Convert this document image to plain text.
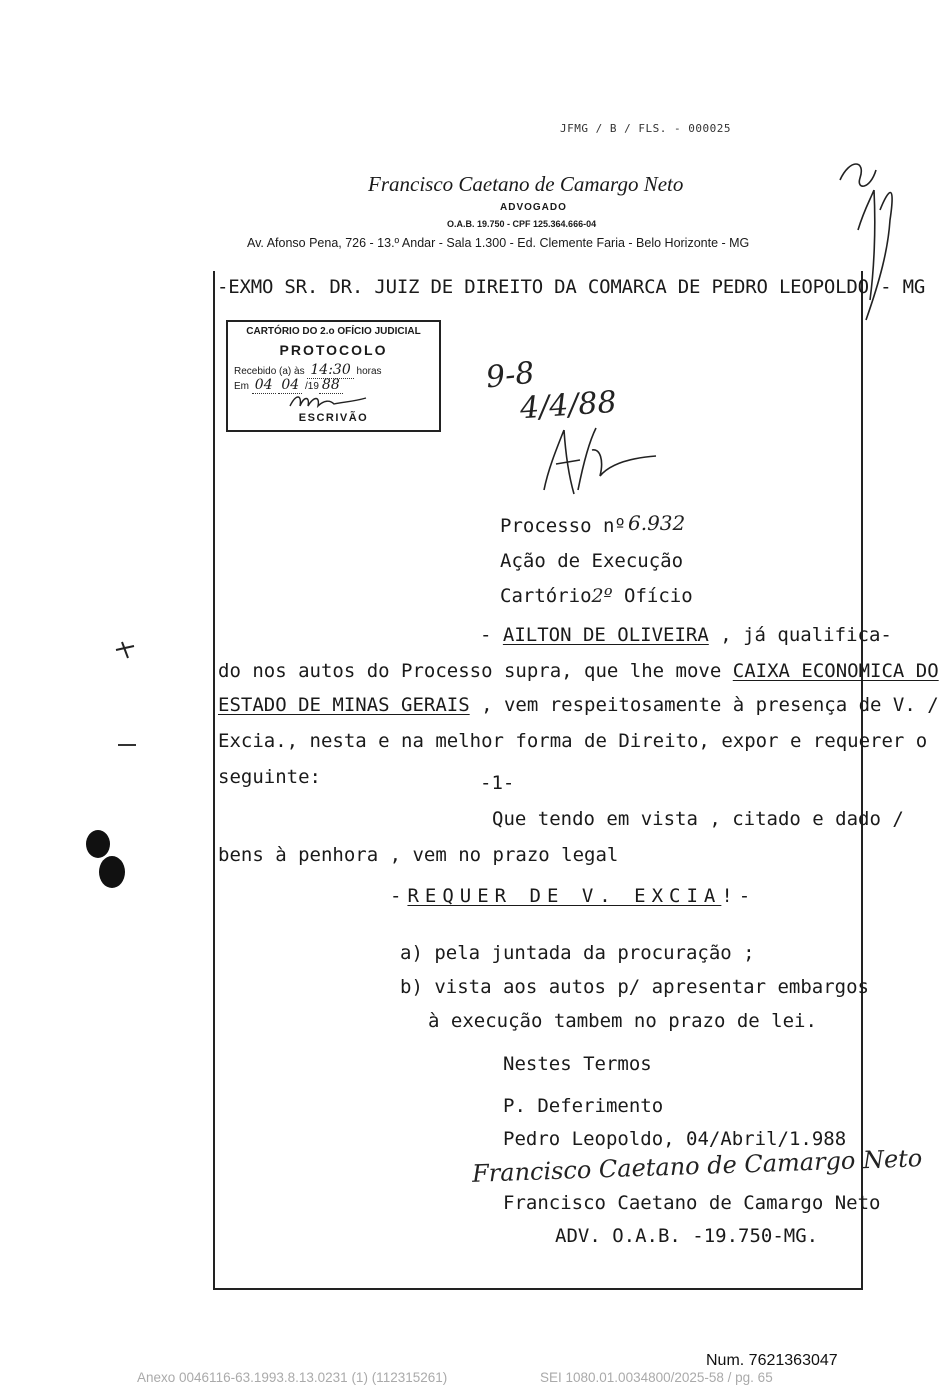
JFMG / B / FLS. - 000025
Francisco Caetano de Camargo Neto
ADVOGADO
O.A.B. 19.750 - CPF 125.364.666-04
Av. Afonso Pena, 726 - 13.º Andar - Sala 1.300 - Ed. Clemente Faria - Belo Horizonte - MG
-EXMO SR. DR. JUIZ DE DIREITO DA COMARCA DE PEDRO LEOPOLDO - MG
CARTÓRIO DO 2.o OFÍCIO JUDICIAL
PROTOCOLO
Recebido (a) às 14:30 horas
Em 04 04 /19 88
ESCRIVÃO
9-8
4/4/88
Processo nº 6.932
Ação de Execução
Cartório2º Ofício
- AILTON DE OLIVEIRA , já qualifica-
do nos autos do Processo supra, que lhe move CAIXA ECONOMICA DO
ESTADO DE MINAS GERAIS , vem respeitosamente à presença de V. /
Excia., nesta e na melhor forma de Direito, expor e requerer o
seguinte:	-1-
Que tendo em vista , citado e dado /
bens à penhora , vem no prazo legal
-REQUER DE V. EXCIA!-
a) pela juntada da procuração ;
b) vista aos autos p/ apresentar embargos
à execução tambem no prazo de lei.
Nestes Termos
P. Deferimento
Pedro Leopoldo, 04/Abril/1.988
Francisco Caetano de Camargo Neto
Francisco Caetano de Camargo Neto
ADV. O.A.B. -19.750-MG.
Num. 7621363047
Anexo 0046116-63.1993.8.13.0231 (1) (112315261)	SEI 1080.01.0034800/2025-58 / pg. 65
